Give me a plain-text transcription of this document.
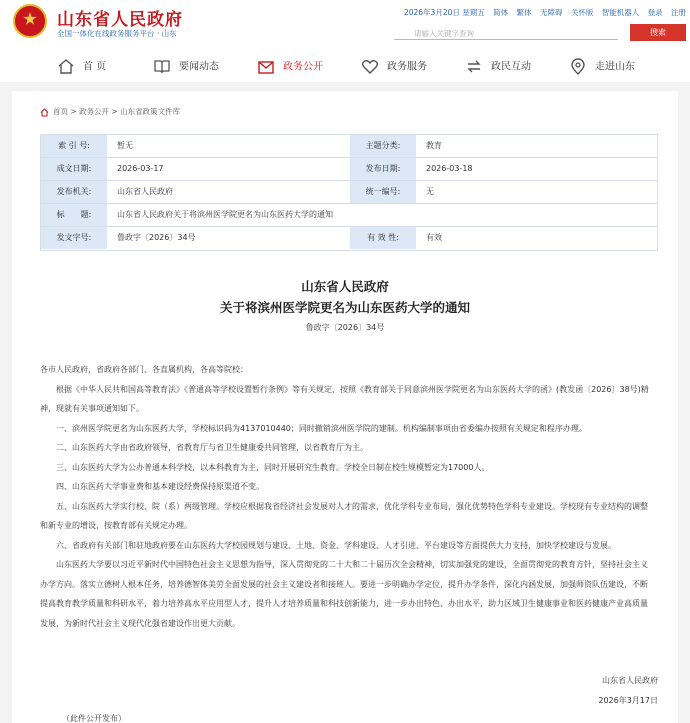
山东省人民政府
全国一体化在线政务服务平台 · 山东
2026年3月20日 星期五 简体 繁体 无障碍 关怀版 智能机器人 登录 注册
请输入关键字查询	搜索
首 页	要闻动态	政务公开	政务服务	政民互动	走进山东
首页 > 政务公开 > 山东省政策文件库
索 引 号:	暂无	主题分类:	教育
成文日期:	2026-03-17	发布日期:	2026-03-18
发布机关:	山东省人民政府	统一编号:	无
标　　题:	山东省人民政府关于将滨州医学院更名为山东医药大学的通知
发文字号:	鲁政字〔2026〕34号	有 效 性:	有效
山东省人民政府
关于将滨州医学院更名为山东医药大学的通知
鲁政字〔2026〕34号

各市人民政府，省政府各部门、各直属机构，各高等院校：

根据《中华人民共和国高等教育法》《普通高等学校设置暂行条例》等有关规定，按照《教育部关于同意滨州医学院更名为山东医药大学的函》(教发函〔2026〕38号)精神，现就有关事项通知如下。

一、滨州医学院更名为山东医药大学，学校标识码为4137010440；同时撤销滨州医学院的建制。机构编制事项由省委编办按照有关规定和程序办理。

二、山东医药大学由省政府领导，省教育厅与省卫生健康委共同管理，以省教育厅为主。

三、山东医药大学为公办普通本科学校，以本科教育为主，同时开展研究生教育。学校全日制在校生规模暂定为17000人。

四、山东医药大学事业费和基本建设经费保持原渠道不变。

五、山东医药大学实行校、院（系）两级管理。学校应根据我省经济社会发展对人才的需求，优化学科专业布局，强化优势特色学科专业建设。学校现有专业结构的调整和新专业的增设，按教育部有关规定办理。

六、省政府有关部门和驻地政府要在山东医药大学校园规划与建设、土地、资金、学科建设、人才引进、平台建设等方面提供大力支持，加快学校建设与发展。

山东医药大学要以习近平新时代中国特色社会主义思想为指导，深入贯彻党的二十大和二十届历次全会精神，切实加强党的建设，全面贯彻党的教育方针，坚持社会主义办学方向。落实立德树人根本任务，培养德智体美劳全面发展的社会主义建设者和接班人。要进一步明确办学定位，提升办学条件，深化内涵发展，加强师资队伍建设，不断提高教育教学质量和科研水平，着力培养高水平应用型人才，提升人才培养质量和科技创新能力，进一步办出特色、办出水平，助力区域卫生健康事业和医药健康产业高质量发展，为新时代社会主义现代化强省建设作出更大贡献。

山东省人民政府
2026年3月17日
（此件公开发布）
